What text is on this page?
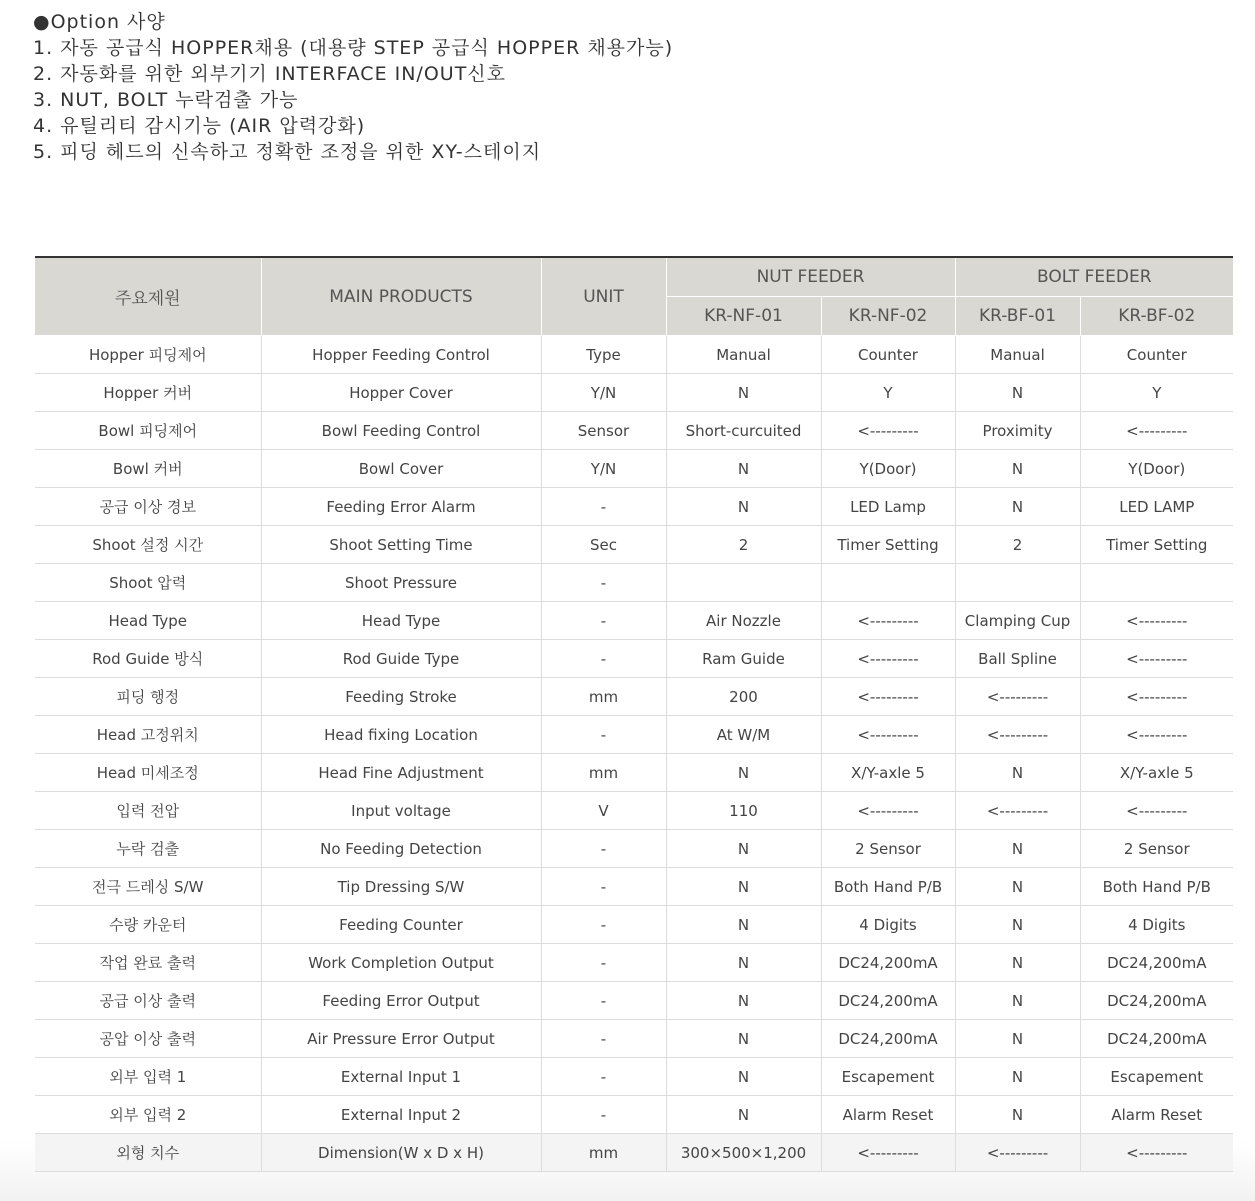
●Option 사양
1. 자동 공급식 HOPPER채용 (대용량 STEP 공급식 HOPPER 채용가능)
2. 자동화를 위한 외부기기 INTERFACE IN/OUT신호
3. NUT, BOLT 누락검출 가능
4. 유틸리티 감시기능 (AIR 압력강화)
5. 피딩 헤드의 신속하고 정확한 조정을 위한 XY-스테이지
주요제원	MAIN PRODUCTS	UNIT	NUT FEEDER		BOLT FEEDER	
			KR-NF-01	KR-NF-02	KR-BF-01	KR-BF-02
Hopper 피딩제어	Hopper Feeding Control	Type	Manual	Counter	Manual	Counter
Hopper 커버	Hopper Cover	Y/N	N	Y	N	Y
Bowl 피딩제어	Bowl Feeding Control	Sensor	Short-curcuited	<---------	Proximity	<---------
Bowl 커버	Bowl Cover	Y/N	N	Y(Door)	N	Y(Door)
공급 이상 경보	Feeding Error Alarm	-	N	LED Lamp	N	LED LAMP
Shoot 설정 시간	Shoot Setting Time	Sec	2	Timer Setting	2	Timer Setting
Shoot 압력	Shoot Pressure	-				
Head Type	Head Type	-	Air Nozzle	<---------	Clamping Cup	<---------
Rod Guide 방식	Rod Guide Type	-	Ram Guide	<---------	Ball Spline	<---------
피딩 행정	Feeding Stroke	mm	200	<---------	<---------	<---------
Head 고정위치	Head fixing Location	-	At W/M	<---------	<---------	<---------
Head 미세조정	Head Fine Adjustment	mm	N	X/Y-axle 5	N	X/Y-axle 5
입력 전압	Input voltage	V	110	<---------	<---------	<---------
누락 검출	No Feeding Detection	-	N	2 Sensor	N	2 Sensor
전극 드레싱 S/W	Tip Dressing S/W	-	N	Both Hand P/B	N	Both Hand P/B
수량 카운터	Feeding Counter	-	N	4 Digits	N	4 Digits
작업 완료 출력	Work Completion Output	-	N	DC24,200mA	N	DC24,200mA
공급 이상 출력	Feeding Error Output	-	N	DC24,200mA	N	DC24,200mA
공압 이상 출력	Air Pressure Error Output	-	N	DC24,200mA	N	DC24,200mA
외부 입력 1	External Input 1	-	N	Escapement	N	Escapement
외부 입력 2	External Input 2	-	N	Alarm Reset	N	Alarm Reset
외형 치수	Dimension(W x D x H)	mm	300×500×1,200	<---------	<---------	<---------
